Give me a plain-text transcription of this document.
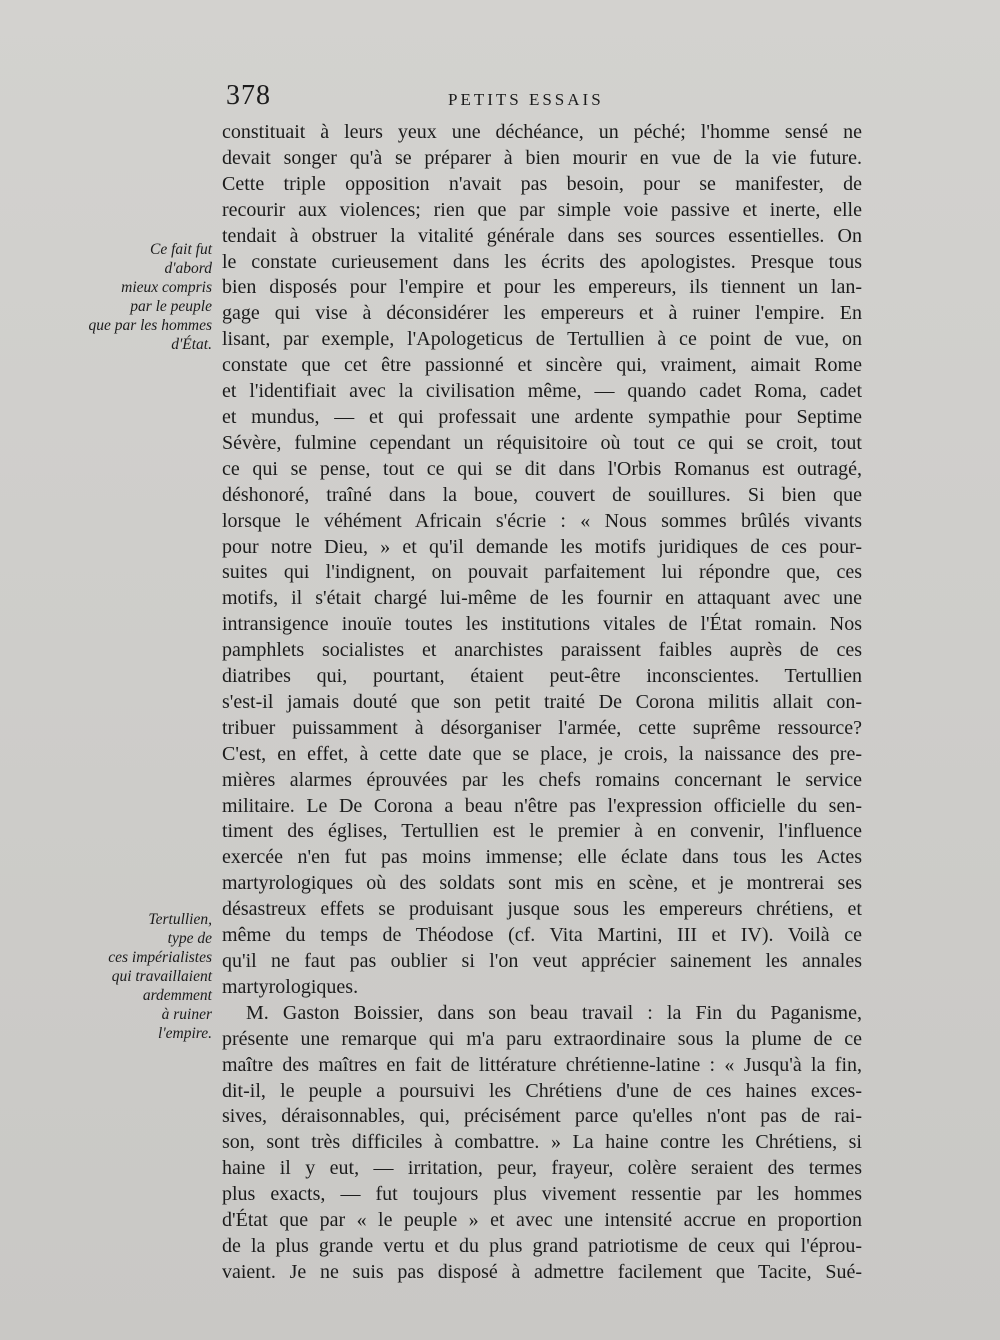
378	PETITS ESSAIS
Ce fait fut
d'abord
mieux compris
par le peuple
que par les hommes
d'État.
Tertullien,
type de
ces impérialistes
qui travaillaient
ardemment
à ruiner
l'empire.
constituait à leurs yeux une déchéance, un péché; l'homme sensé ne
devait songer qu'à se préparer à bien mourir en vue de la vie future.
Cette triple opposition n'avait pas besoin, pour se manifester, de
recourir aux violences; rien que par simple voie passive et inerte, elle
tendait à obstruer la vitalité générale dans ses sources essentielles. On
le constate curieusement dans les écrits des apologistes. Presque tous
bien disposés pour l'empire et pour les empereurs, ils tiennent un lan-
gage qui vise à déconsidérer les empereurs et à ruiner l'empire. En
lisant, par exemple, l'Apologeticus de Tertullien à ce point de vue, on
constate que cet être passionné et sincère qui, vraiment, aimait Rome
et l'identifiait avec la civilisation même, — quando cadet Roma, cadet
et mundus, — et qui professait une ardente sympathie pour Septime
Sévère, fulmine cependant un réquisitoire où tout ce qui se croit, tout
ce qui se pense, tout ce qui se dit dans l'Orbis Romanus est outragé,
déshonoré, traîné dans la boue, couvert de souillures. Si bien que
lorsque le véhément Africain s'écrie : « Nous sommes brûlés vivants
pour notre Dieu, » et qu'il demande les motifs juridiques de ces pour-
suites qui l'indignent, on pouvait parfaitement lui répondre que, ces
motifs, il s'était chargé lui-même de les fournir en attaquant avec une
intransigence inouïe toutes les institutions vitales de l'État romain. Nos
pamphlets socialistes et anarchistes paraissent faibles auprès de ces
diatribes qui, pourtant, étaient peut-être inconscientes. Tertullien
s'est-il jamais douté que son petit traité De Corona militis allait con-
tribuer puissamment à désorganiser l'armée, cette suprême ressource?
C'est, en effet, à cette date que se place, je crois, la naissance des pre-
mières alarmes éprouvées par les chefs romains concernant le service
militaire. Le De Corona a beau n'être pas l'expression officielle du sen-
timent des églises, Tertullien est le premier à en convenir, l'influence
exercée n'en fut pas moins immense; elle éclate dans tous les Actes
martyrologiques où des soldats sont mis en scène, et je montrerai ses
désastreux effets se produisant jusque sous les empereurs chrétiens, et
même du temps de Théodose (cf. Vita Martini, III et IV). Voilà ce
qu'il ne faut pas oublier si l'on veut apprécier sainement les annales
martyrologiques.
M. Gaston Boissier, dans son beau travail : la Fin du Paganisme,
présente une remarque qui m'a paru extraordinaire sous la plume de ce
maître des maîtres en fait de littérature chrétienne-latine : « Jusqu'à la fin,
dit-il, le peuple a poursuivi les Chrétiens d'une de ces haines exces-
sives, déraisonnables, qui, précisément parce qu'elles n'ont pas de rai-
son, sont très difficiles à combattre. » La haine contre les Chrétiens, si
haine il y eut, — irritation, peur, frayeur, colère seraient des termes
plus exacts, — fut toujours plus vivement ressentie par les hommes
d'État que par « le peuple » et avec une intensité accrue en proportion
de la plus grande vertu et du plus grand patriotisme de ceux qui l'éprou-
vaient. Je ne suis pas disposé à admettre facilement que Tacite, Sué-
